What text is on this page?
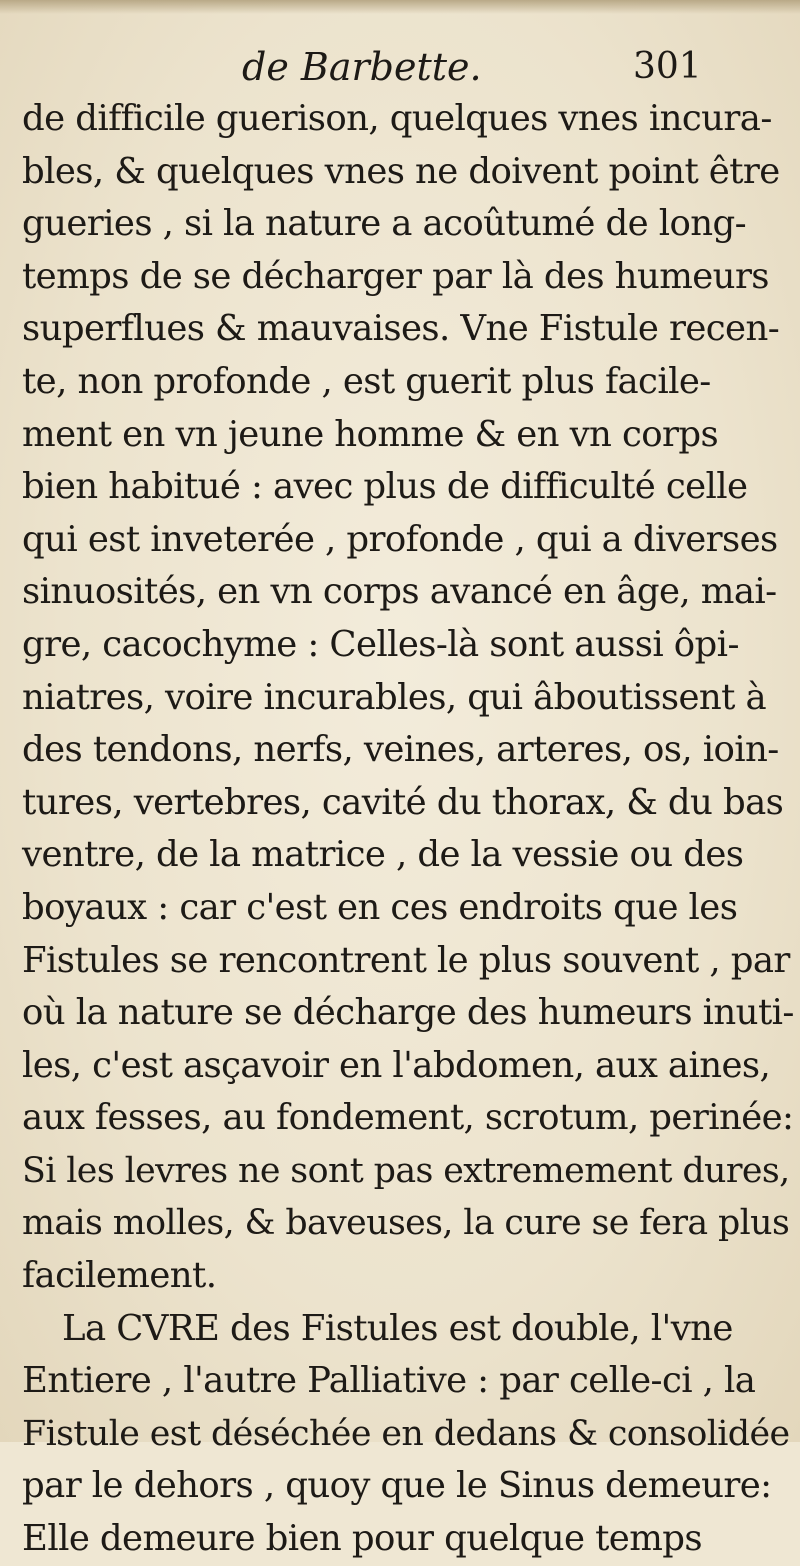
de Barbette.	301
de difficile guerison, quelques vnes incura-
bles, & quelques vnes ne doivent point être
gueries , si la nature a acoûtumé de long-
temps de se décharger par là des humeurs
superflues & mauvaises. Vne Fistule recen-
te, non profonde , est guerit plus facile-
ment en vn jeune homme & en vn corps
bien habitué : avec plus de difficulté celle
qui est inveterée , profonde , qui a diverses
sinuosités, en vn corps avancé en âge, mai-
gre, cacochyme : Celles-là sont aussi ôpi-
niatres, voire incurables, qui âboutissent à
des tendons, nerfs, veines, arteres, os, ioin-
tures, vertebres, cavité du thorax, & du bas
ventre, de la matrice , de la vessie ou des
boyaux : car c'est en ces endroits que les
Fistules se rencontrent le plus souvent , par
où la nature se décharge des humeurs inuti-
les, c'est asçavoir en l'abdomen, aux aines,
aux fesses, au fondement, scrotum, perinée:
Si les levres ne sont pas extremement dures,
mais molles, & baveuses, la cure se fera plus
facilement.
La CVRE des Fistules est double, l'vne
Entiere , l'autre Palliative : par celle-ci , la
Fistule est déséchée en dedans & consolidée
par le dehors , quoy que le Sinus demeure:
Elle demeure bien pour quelque temps
